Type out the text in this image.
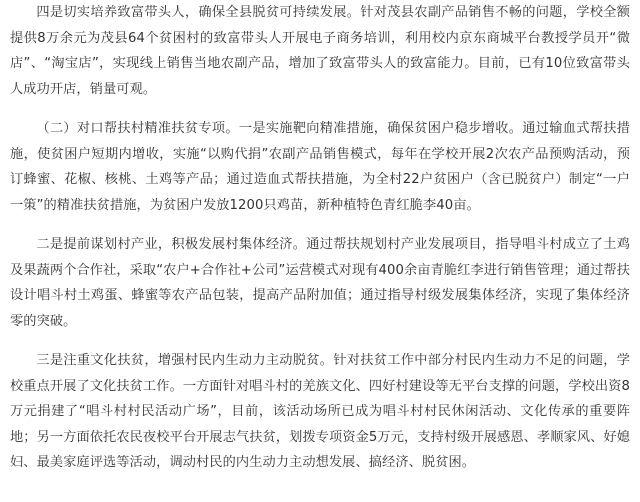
四是切实培养致富带头人，确保全县脱贫可持续发展。针对茂县农副产品销售不畅的问题，学校全额提供8万余元为茂县64个贫困村的致富带头人开展电子商务培训，利用校内京东商城平台教授学员开“微店”、“淘宝店”，实现线上销售当地农副产品，增加了致富带头人的致富能力。目前，已有10位致富带头人成功开店，销量可观。

（二）对口帮扶村精准扶贫专项。一是实施靶向精准措施，确保贫困户稳步增收。通过输血式帮扶措施，使贫困户短期内增收，实施“以购代捐”农副产品销售模式，每年在学校开展2次农产品预购活动，预订蜂蜜、花椒、核桃、土鸡等产品；通过造血式帮扶措施，为全村22户贫困户（含已脱贫户）制定“一户一策”的精准扶贫措施，为贫困户发放1200只鸡苗，新种植特色青红脆李40亩。

二是提前谋划村产业，积极发展村集体经济。通过帮扶规划村产业发展项目，指导唱斗村成立了土鸡及果蔬两个合作社，采取“农户+合作社+公司”运营模式对现有400余亩青脆红李进行销售管理；通过帮扶设计唱斗村土鸡蛋、蜂蜜等农产品包装，提高产品附加值；通过指导村级发展集体经济，实现了集体经济零的突破。

三是注重文化扶贫，增强村民内生动力主动脱贫。针对扶贫工作中部分村民内生动力不足的问题，学校重点开展了文化扶贫工作。一方面针对唱斗村的羌族文化、四好村建设等无平台支撑的问题，学校出资8万元捐建了“唱斗村村民活动广场”，目前，该活动场所已成为唱斗村村民休闲活动、文化传承的重要阵地；另一方面依托农民夜校平台开展志气扶贫，划拨专项资金5万元，支持村级开展感恩、孝顺家风、好媳妇、最美家庭评选等活动，调动村民的内生动力主动想发展、搞经济、脱贫困。
